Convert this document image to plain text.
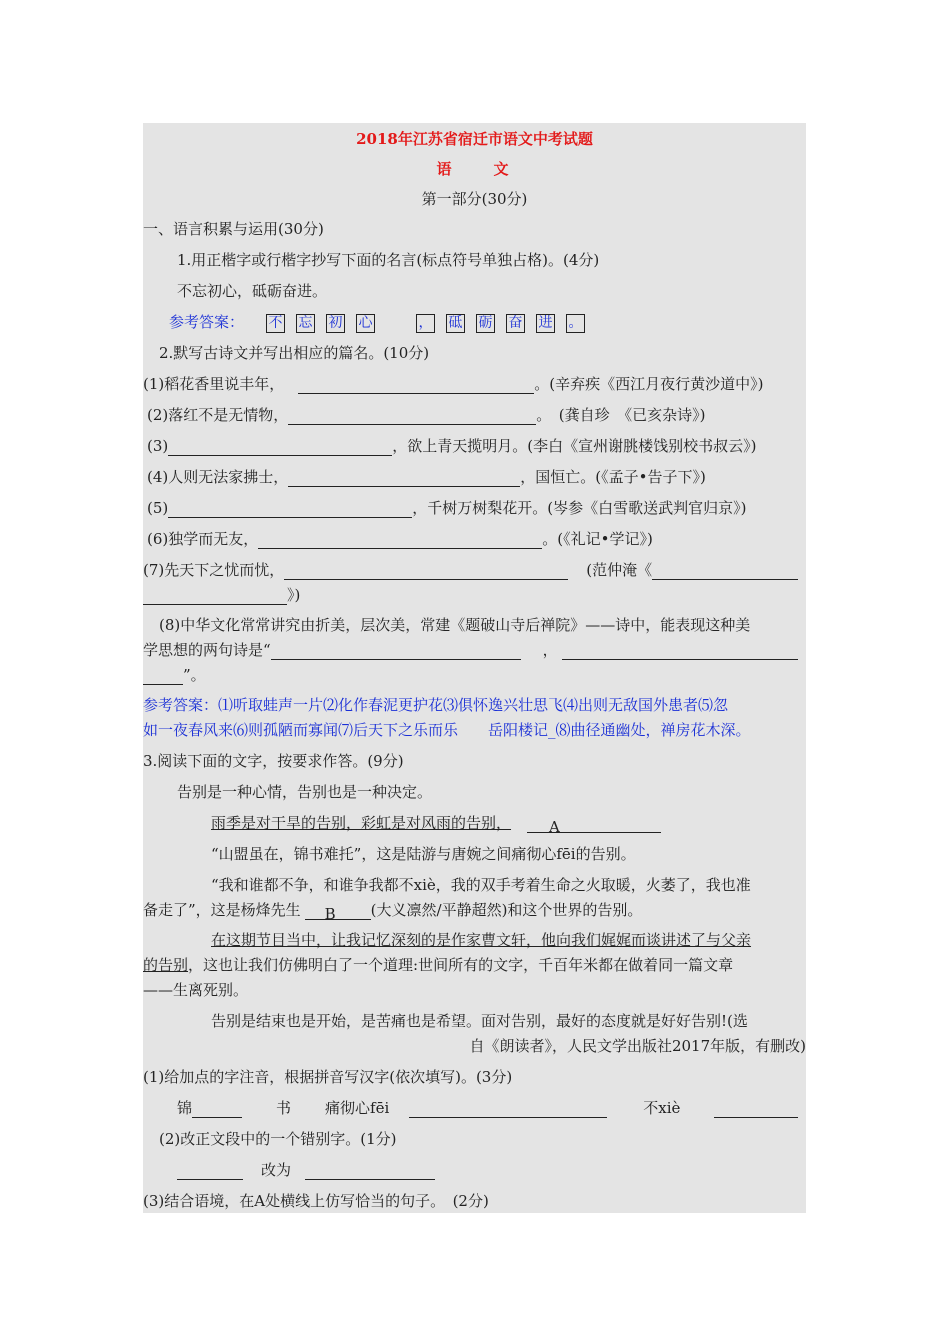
2018年江苏省宿迁市语文中考试题
语　　文
第一部分(30分)
一、语言积累与运用(30分)
1.用正楷字或行楷字抄写下面的名言(标点符号单独占格)。(4分)
不忘初心，砥砺奋进。
参考答案： 不 忘 初 心	， 砥 砺 奋 进 。
2.默写古诗文并写出相应的篇名。(10分)
(1)稻花香里说丰年，	。(辛弃疾《西江月夜行黄沙道中》)
(2)落红不是无情物，	。　(龚自珍　《已亥杂诗》)
(3)	，欲上青天揽明月。(李白《宣州谢朓楼饯别校书叔云》)
(4)人则无法家拂士，	，国恒亡。(《孟子•告子下》)
(5)	，千树万树梨花开。(岑参《白雪歌送武判官归京》)
(6)独学而无友，	。(《礼记•学记》)
(7)先天下之忧而忧，	(范仲淹《
》)
(8)中华文化常常讲究由折美，层次美，常建《题破山寺后禅院》——诗中，能表现这种美
学思想的两句诗是“	，
”。
参考答案：⑴听取蛙声一片⑵化作春泥更护花⑶俱怀逸兴壮思飞⑷出则无敌国外患者⑸忽
如一夜春风来⑹则孤陋而寡闻⑺后天下之乐而乐　　岳阳楼记_⑻曲径通幽处，禅房花木深。
3.阅读下面的文字，按要求作答。(9分)
告别是一种心情，告别也是一种决定。
雨季是对干旱的告别，彩虹是对风雨的告别，	A
“山盟虽在，锦书难托”，这是陆游与唐婉之间痛彻心fēi的告别。
“我和谁都不争，和谁争我都不xiè，我的双手考着生命之火取暖，火萎了，我也准
备走了”，这是杨烽先生 B (大义凛然/平静超然)和这个世界的告别。
在这期节目当中，让我记忆深刻的是作家曹文轩，他向我们娓娓而谈讲述了与父亲
的告别，这也让我们仿佛明白了一个道理:世间所有的文字，千百年米都在做着同一篇文章
——生离死别。
告别是结束也是开始，是苦痛也是希望。面对告别，最好的态度就是好好告别!(选
自《朗读者》，人民文学出版社2017年版，有删改)
(1)给加点的字注音，根据拼音写汉字(依次填写)。(3分)
锦	书 痛彻心fēi	不xiè
(2)改正文段中的一个错别字。(1分)
改为
(3)结合语境，在A处横线上仿写恰当的句子。　(2分)
